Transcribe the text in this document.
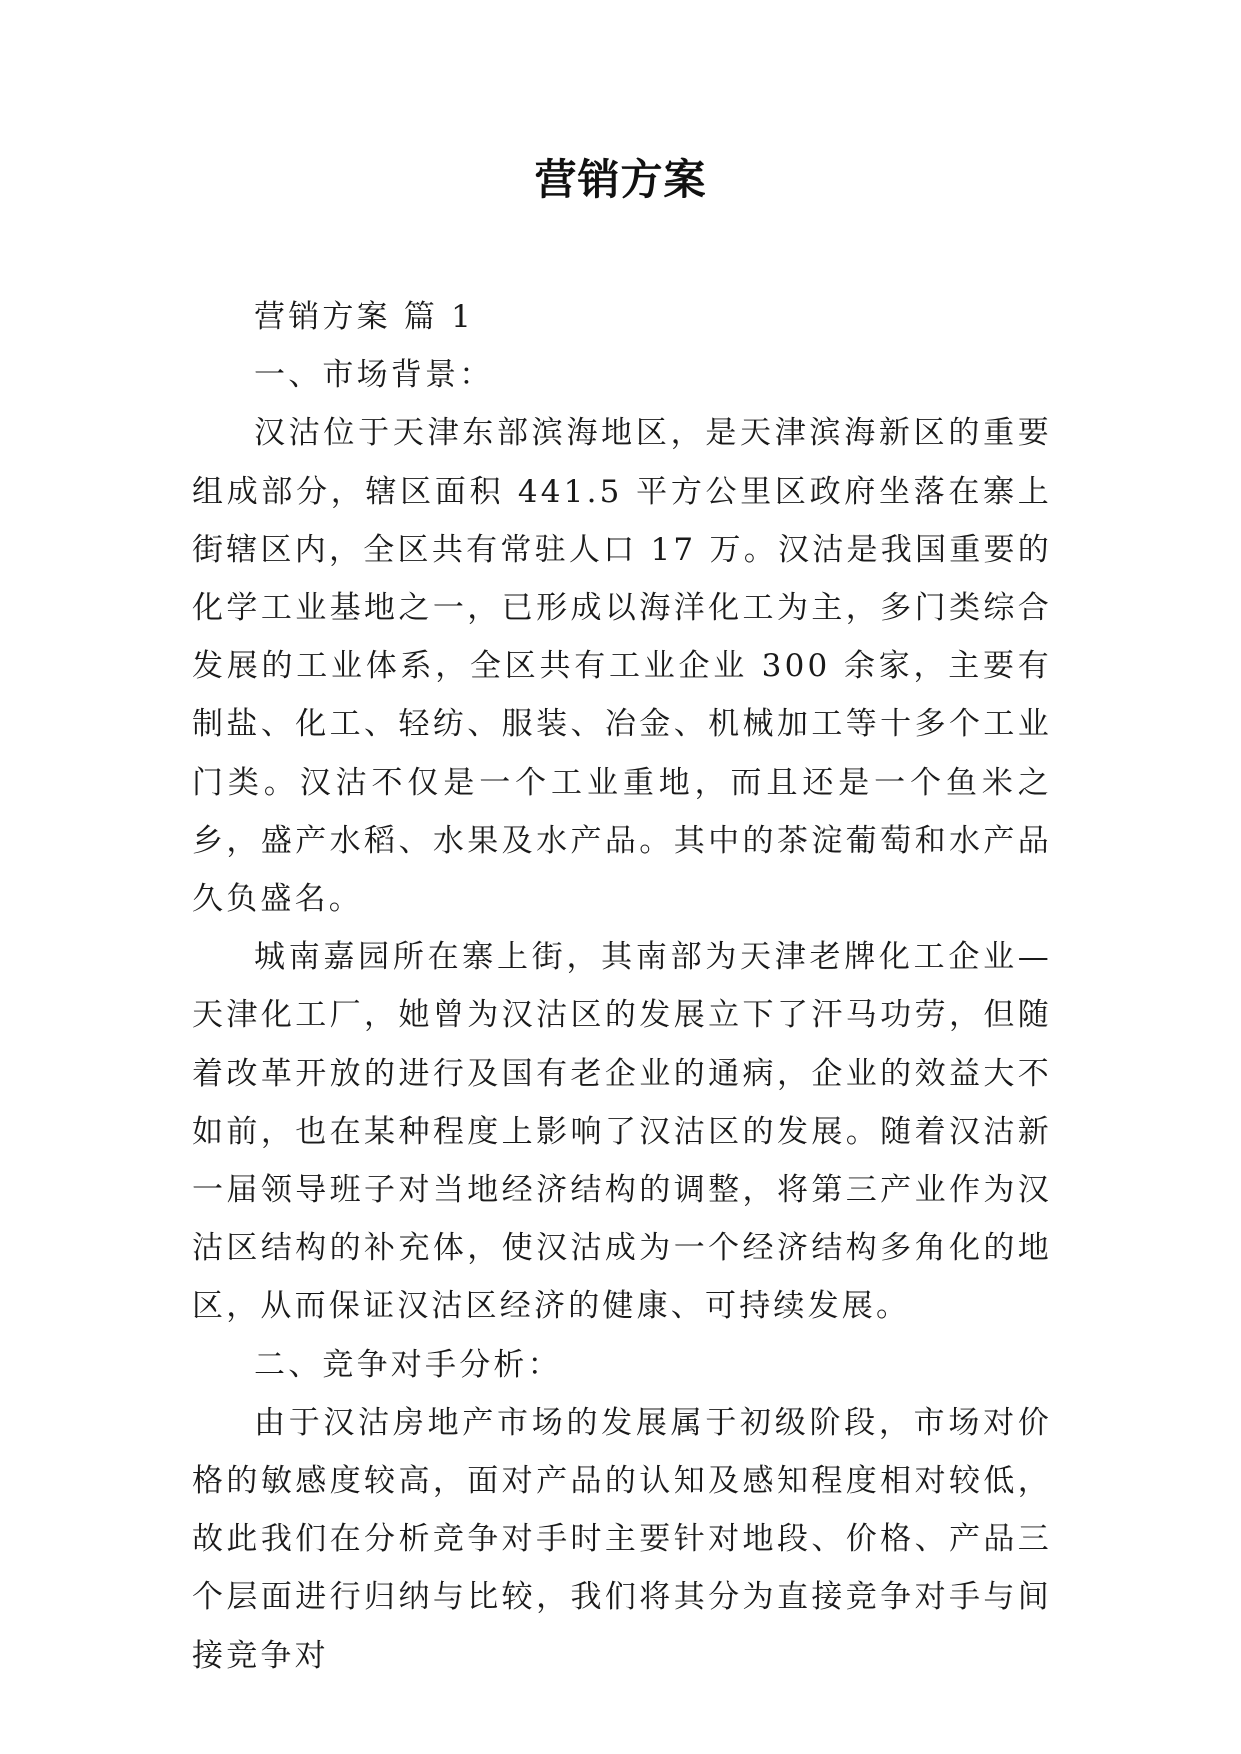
营销方案

营销方案 篇 1

一、市场背景：

汉沽位于天津东部滨海地区，是天津滨海新区的重要组成部分，辖区面积 441.5 平方公里区政府坐落在寨上街辖区内，全区共有常驻人口 17 万。汉沽是我国重要的化学工业基地之一，已形成以海洋化工为主，多门类综合发展的工业体系，全区共有工业企业 300 余家，主要有制盐、化工、轻纺、服装、冶金、机械加工等十多个工业门类。汉沽不仅是一个工业重地，而且还是一个鱼米之乡，盛产水稻、水果及水产品。其中的茶淀葡萄和水产品久负盛名。

城南嘉园所在寨上街，其南部为天津老牌化工企业—天津化工厂，她曾为汉沽区的发展立下了汗马功劳，但随着改革开放的进行及国有老企业的通病，企业的效益大不如前，也在某种程度上影响了汉沽区的发展。随着汉沽新一届领导班子对当地经济结构的调整，将第三产业作为汉沽区结构的补充体，使汉沽成为一个经济结构多角化的地区，从而保证汉沽区经济的健康、可持续发展。

二、竞争对手分析：

由于汉沽房地产市场的发展属于初级阶段，市场对价格的敏感度较高，面对产品的认知及感知程度相对较低，故此我们在分析竞争对手时主要针对地段、价格、产品三个层面进行归纳与比较，我们将其分为直接竞争对手与间接竞争对
